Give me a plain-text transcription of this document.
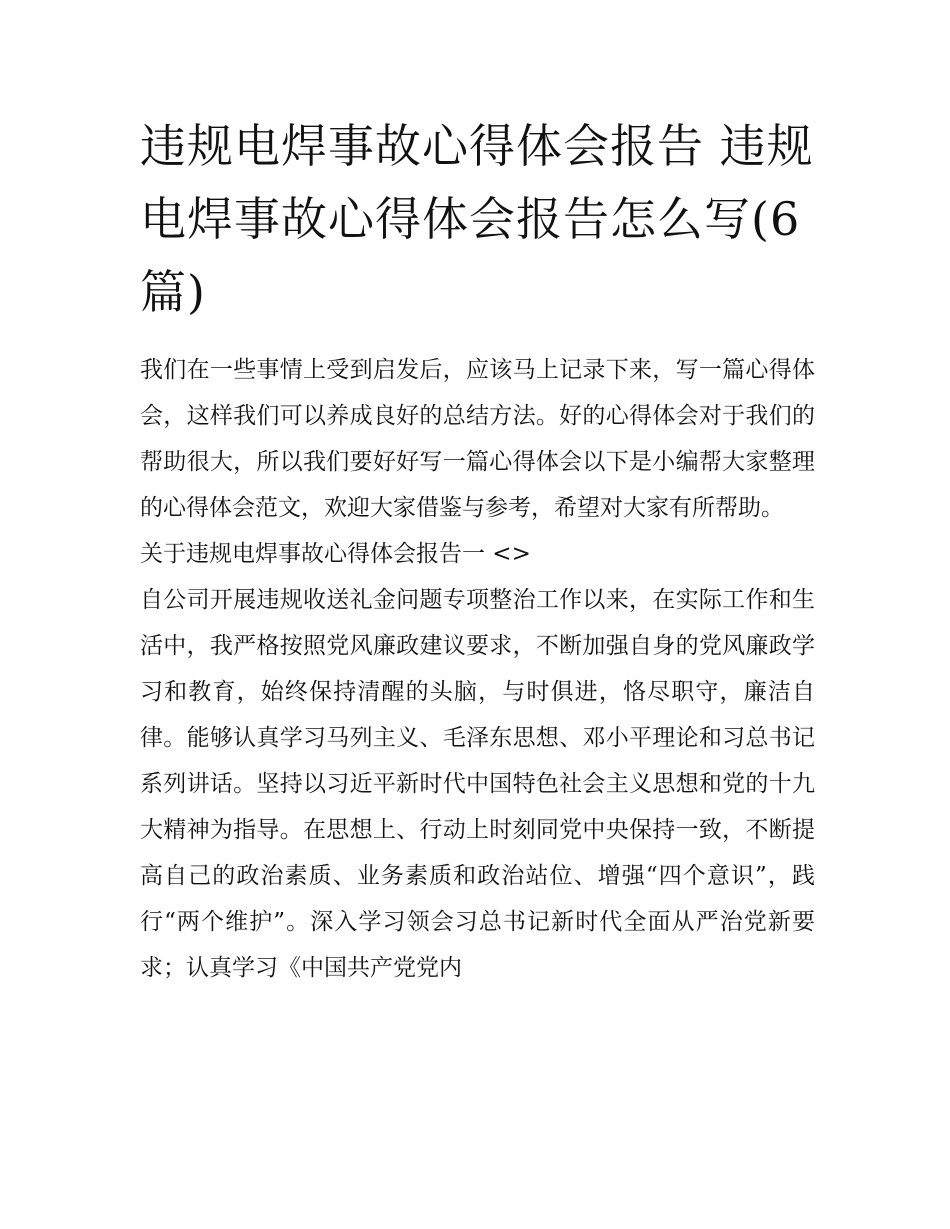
违规电焊事故心得体会报告 违规电焊事故心得体会报告怎么写(6篇)

我们在一些事情上受到启发后，应该马上记录下来，写一篇心得体会，这样我们可以养成良好的总结方法。好的心得体会对于我们的帮助很大，所以我们要好好写一篇心得体会以下是小编帮大家整理的心得体会范文，欢迎大家借鉴与参考，希望对大家有所帮助。

关于违规电焊事故心得体会报告一 <>

自公司开展违规收送礼金问题专项整治工作以来，在实际工作和生活中，我严格按照党风廉政建议要求，不断加强自身的党风廉政学习和教育，始终保持清醒的头脑，与时俱进，恪尽职守，廉洁自律。能够认真学习马列主义、毛泽东思想、邓小平理论和习总书记系列讲话。坚持以习近平新时代中国特色社会主义思想和党的十九大精神为指导。在思想上、行动上时刻同党中央保持一致，不断提高自己的政治素质、业务素质和政治站位、增强“四个意识”，践行“两个维护”。深入学习领会习总书记新时代全面从严治党新要求；认真学习《中国共产党党内
